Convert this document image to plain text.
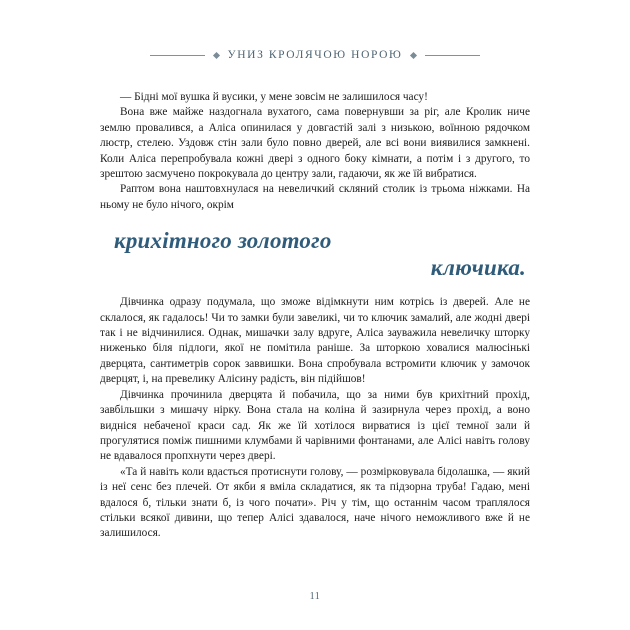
УНИЗ КРОЛЯЧОЮ НОРОЮ

— Бідні мої вушка й вусики, у мене зовсім не залишилося часу!

Вона вже майже наздогнала вухатого, сама повернувши за ріг, але Кролик ниче землю провалився, а Аліса опинилася у довгастій залі з низькою, воїнною рядочком люстр, стелею. Уздовж стін зали було повно дверей, але всі вони виявилися замкнені. Коли Аліса перепробувала кожні двері з одного боку кімнати, а потім і з другого, то зрештою засмучено покрокувала до центру зали, гадаючи, як же їй вибратися.

Раптом вона наштовхнулася на невеличкий скляний столик із трьома ніжками. На ньому не було нічого, окрім

крихітного золотого
ключика.

Дівчинка одразу подумала, що зможе відімкнути ним котрісь із дверей. Але не склалося, як гадалось! Чи то замки були завеликі, чи то ключик замалий, але жодні двері так і не відчинилися. Однак, мишачки залу вдруге, Аліса зауважила невеличку шторку ниженько біля підлоги, якої не помітила раніше. За шторкою ховалися малюсінькі дверцята, сантиметрів сорок заввишки. Вона спробувала встромити ключик у замочок дверцят, і, на превелику Алісину радість, він підійшов!

Дівчинка прочинила дверцята й побачила, що за ними був крихітний прохід, завбільшки з мишачу нірку. Вона стала на коліна й зазирнула через прохід, а воно видніся небаченої краси сад. Як же їй хотілося вирватися із цієї темної зали й прогулятися поміж пишними клумбами й чарівними фонтанами, але Алісі навіть голову не вдавалося пропхнути через двері.

«Та й навіть коли вдасться протиснути голову, — розмірковувала бідолашка, — який із неї сенс без плечей. От якби я вміла складатися, як та підзорна труба! Гадаю, мені вдалося б, тільки знати б, із чого почати». Річ у тім, що останнім часом траплялося стільки всякої дивини, що тепер Алісі здавалося, наче нічого неможливого вже й не залишилося.

11
